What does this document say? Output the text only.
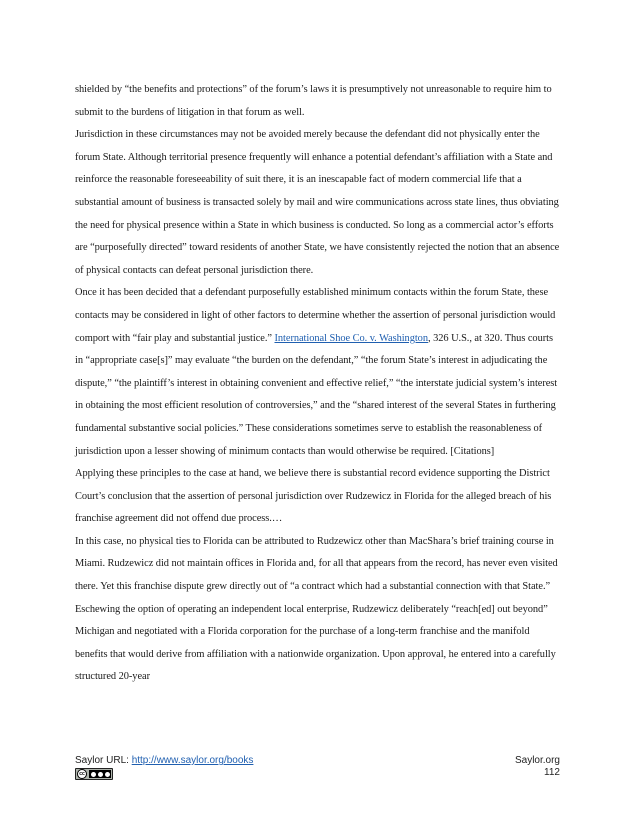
shielded by “the benefits and protections” of the forum’s laws it is presumptively not unreasonable to require him to submit to the burdens of litigation in that forum as well.

Jurisdiction in these circumstances may not be avoided merely because the defendant did not physically enter the forum State. Although territorial presence frequently will enhance a potential defendant’s affiliation with a State and reinforce the reasonable foreseeability of suit there, it is an inescapable fact of modern commercial life that a substantial amount of business is transacted solely by mail and wire communications across state lines, thus obviating the need for physical presence within a State in which business is conducted. So long as a commercial actor’s efforts are “purposefully directed” toward residents of another State, we have consistently rejected the notion that an absence of physical contacts can defeat personal jurisdiction there.

Once it has been decided that a defendant purposefully established minimum contacts within the forum State, these contacts may be considered in light of other factors to determine whether the assertion of personal jurisdiction would comport with “fair play and substantial justice.” International Shoe Co. v. Washington, 326 U.S., at 320. Thus courts in “appropriate case[s]” may evaluate “the burden on the defendant,” “the forum State’s interest in adjudicating the dispute,” “the plaintiff’s interest in obtaining convenient and effective relief,” “the interstate judicial system’s interest in obtaining the most efficient resolution of controversies,” and the “shared interest of the several States in furthering fundamental substantive social policies.” These considerations sometimes serve to establish the reasonableness of jurisdiction upon a lesser showing of minimum contacts than would otherwise be required. [Citations]

Applying these principles to the case at hand, we believe there is substantial record evidence supporting the District Court’s conclusion that the assertion of personal jurisdiction over Rudzewicz in Florida for the alleged breach of his franchise agreement did not offend due process.…

In this case, no physical ties to Florida can be attributed to Rudzewicz other than MacShara’s brief training course in Miami. Rudzewicz did not maintain offices in Florida and, for all that appears from the record, has never even visited there. Yet this franchise dispute grew directly out of “a contract which had a substantial connection with that State.” Eschewing the option of operating an independent local enterprise, Rudzewicz deliberately “reach[ed] out beyond” Michigan and negotiated with a Florida corporation for the purchase of a long-term franchise and the manifold benefits that would derive from affiliation with a nationwide organization. Upon approval, he entered into a carefully structured 20-year

Saylor URL: http://www.saylor.org/books
cc
Saylor.org
112
